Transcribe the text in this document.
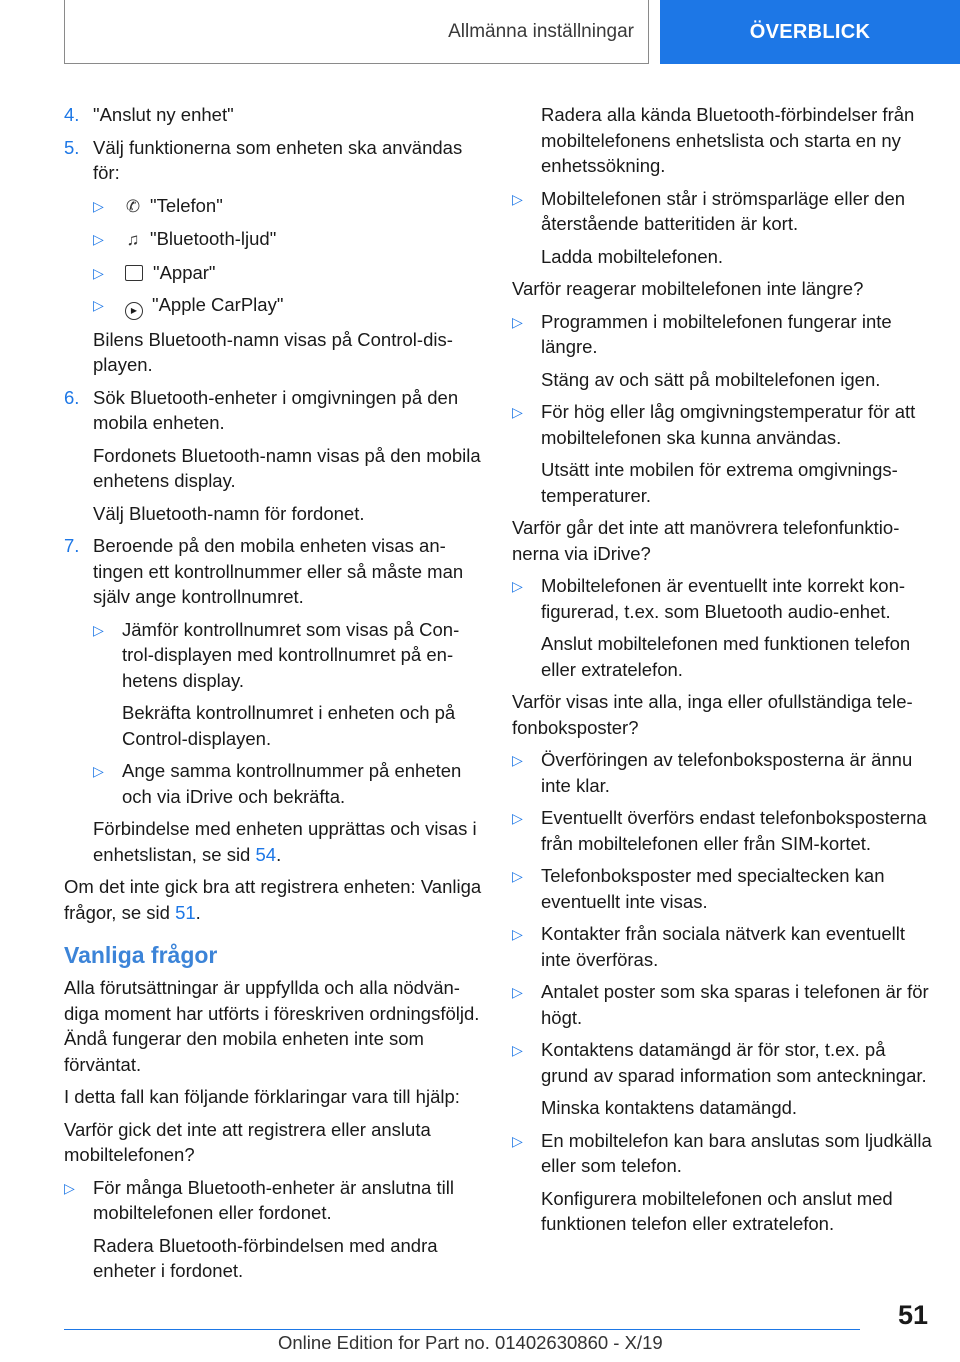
Allmänna inställningar	ÖVERBLICK
4. "Anslut ny enhet"
5. Välj funktionerna som enheten ska användas för:
▷ ✆ "Telefon"
▷ ♫ "Bluetooth-ljud"
▷	"Appar"
▷	▶ "Apple CarPlay"
Bilens Bluetooth-namn visas på Control-displayen.
6. Sök Bluetooth-enheter i omgivningen på den mobila enheten.
Fordonets Bluetooth-namn visas på den mobila enhetens display.
Välj Bluetooth-namn för fordonet.
7. Beroende på den mobila enheten visas antingen ett kontrollnummer eller så måste man själv ange kontrollnumret.
▷ Jämför kontrollnumret som visas på Control-displayen med kontrollnumret på enhetens display.
Bekräfta kontrollnumret i enheten och på Control-displayen.
▷ Ange samma kontrollnummer på enheten och via iDrive och bekräfta.
Förbindelse med enheten upprättas och visas i enhetslistan, se sid 54.
Om det inte gick bra att registrera enheten: Vanliga frågor, se sid 51.
Vanliga frågor
Alla förutsättningar är uppfyllda och alla nödvändiga moment har utförts i föreskriven ordningsföljd. Ändå fungerar den mobila enheten inte som förväntat.
I detta fall kan följande förklaringar vara till hjälp:
Varför gick det inte att registrera eller ansluta mobiltelefonen?
▷ För många Bluetooth-enheter är anslutna till mobiltelefonen eller fordonet.
Radera Bluetooth-förbindelsen med andra enheter i fordonet.
Radera alla kända Bluetooth-förbindelser från mobiltelefonens enhetslista och starta en ny enhetssökning.
▷ Mobiltelefonen står i strömsparläge eller den återstående batteritiden är kort.
Ladda mobiltelefonen.
Varför reagerar mobiltelefonen inte längre?
▷ Programmen i mobiltelefonen fungerar inte längre.
Stäng av och sätt på mobiltelefonen igen.
▷ För hög eller låg omgivningstemperatur för att mobiltelefonen ska kunna användas.
Utsätt inte mobilen för extrema omgivningstemperaturer.
Varför går det inte att manövrera telefonfunktionerna via iDrive?
▷ Mobiltelefonen är eventuellt inte korrekt konfigurerad, t.ex. som Bluetooth audio-enhet.
Anslut mobiltelefonen med funktionen telefon eller extratelefon.
Varför visas inte alla, inga eller ofullständiga telefonboksposter?
▷ Överföringen av telefonboksposterna är ännu inte klar.
▷ Eventuellt överförs endast telefonboksposterna från mobiltelefonen eller från SIM-kortet.
▷ Telefonboksposter med specialtecken kan eventuellt inte visas.
▷ Kontakter från sociala nätverk kan eventuellt inte överföras.
▷ Antalet poster som ska sparas i telefonen är för högt.
▷ Kontaktens datamängd är för stor, t.ex. på grund av sparad information som anteckningar.
Minska kontaktens datamängd.
▷ En mobiltelefon kan bara anslutas som ljudkälla eller som telefon.
Konfigurera mobiltelefonen och anslut med funktionen telefon eller extratelefon.
51
Online Edition for Part no. 01402630860 - X/19
